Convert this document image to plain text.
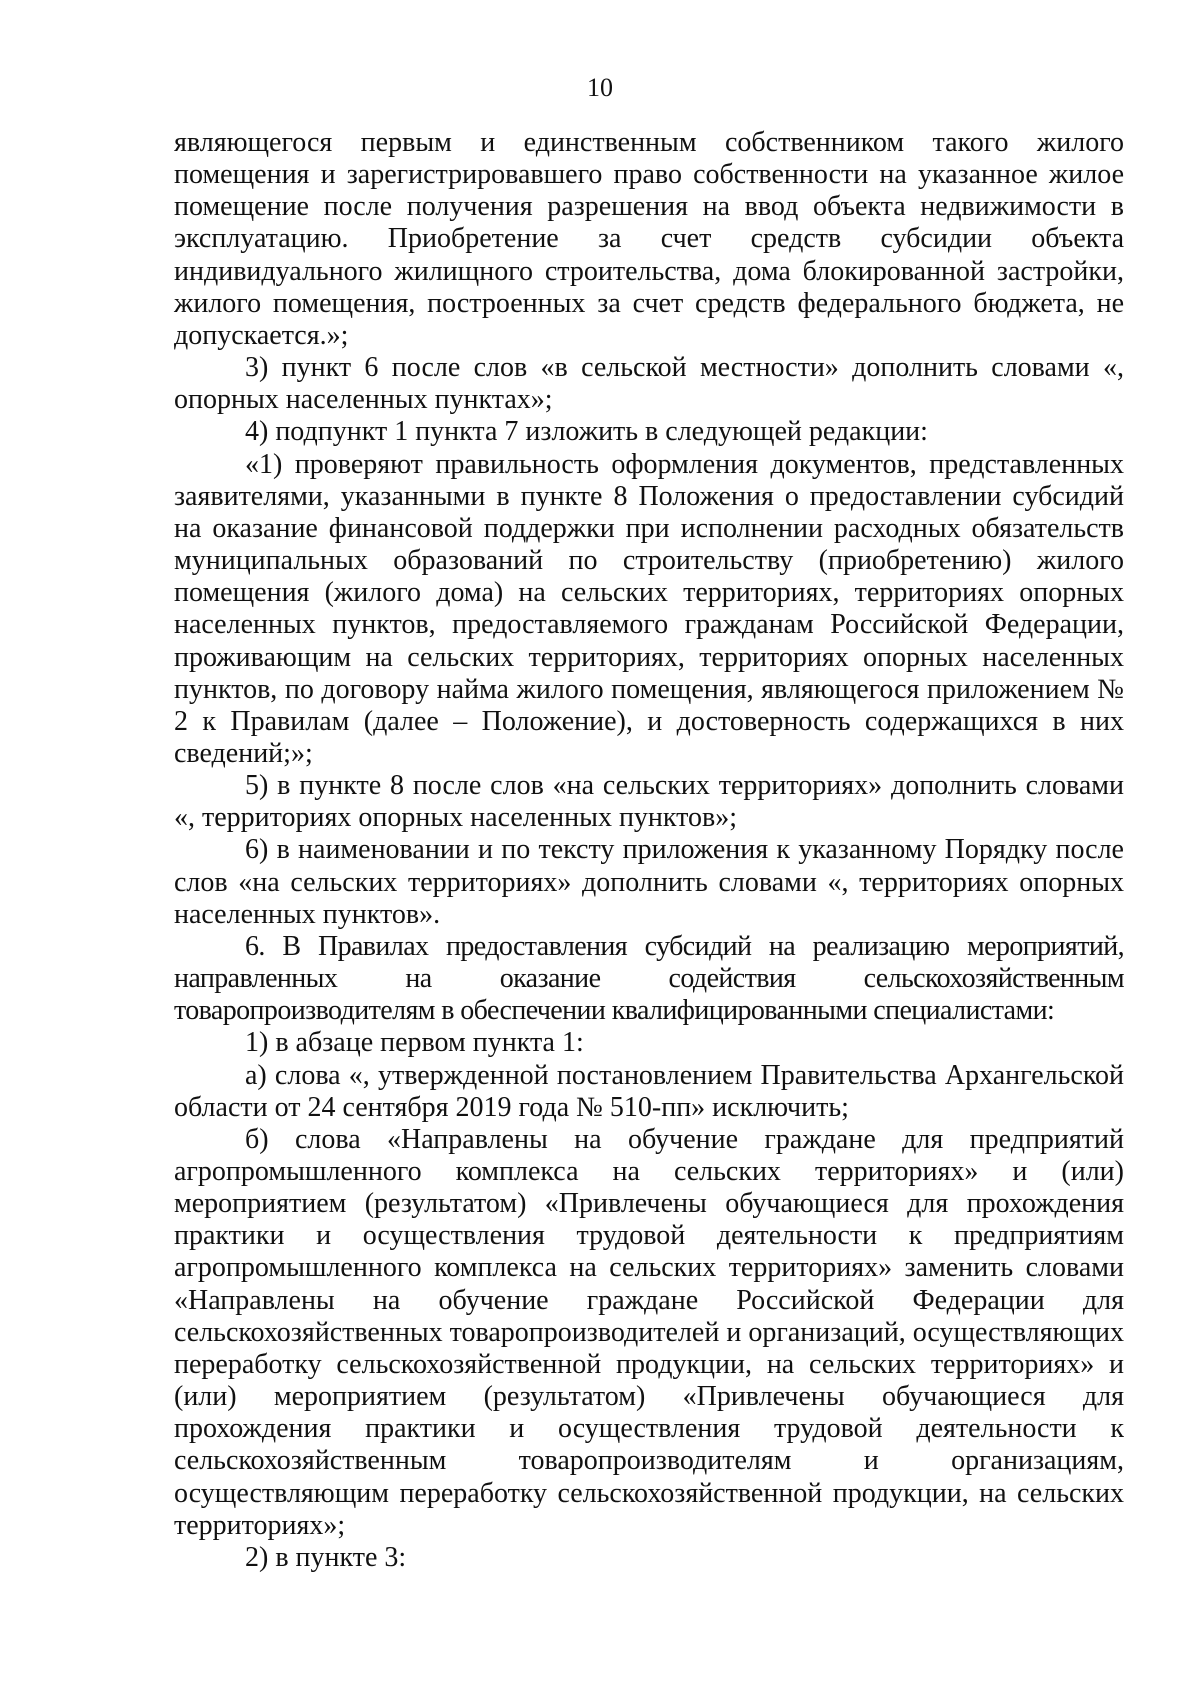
10

являющегося первым и единственным собственником такого жилого помещения и зарегистрировавшего право собственности на указанное жилое помещение после получения разрешения на ввод объекта недвижимости в эксплуатацию. Приобретение за счет средств субсидии объекта индивидуального жилищного строительства, дома блокированной застройки, жилого помещения, построенных за счет средств федерального бюджета, не допускается.»;

3) пункт 6 после слов «в сельской местности» дополнить словами «, опорных населенных пунктах»;

4) подпункт 1 пункта 7 изложить в следующей редакции:

«1) проверяют правильность оформления документов, представленных заявителями, указанными в пункте 8 Положения о предоставлении субсидий на оказание финансовой поддержки при исполнении расходных обязательств муниципальных образований по строительству (приобретению) жилого помещения (жилого дома) на сельских территориях, территориях опорных населенных пунктов, предоставляемого гражданам Российской Федерации, проживающим на сельских территориях, территориях опорных населенных пунктов, по договору найма жилого помещения, являющегося приложением № 2 к Правилам (далее – Положение), и достоверность содержащихся в них сведений;»;

5) в пункте 8 после слов «на сельских территориях» дополнить словами «, территориях опорных населенных пунктов»;

6) в наименовании и по тексту приложения к указанному Порядку после слов «на сельских территориях» дополнить словами «, территориях опорных населенных пунктов».

6. В Правилах предоставления субсидий на реализацию мероприятий, направленных на оказание содействия сельскохозяйственным товаропроизводителям в обеспечении квалифицированными специалистами:

1) в абзаце первом пункта 1:

а) слова «, утвержденной постановлением Правительства Архангельской области от 24 сентября 2019 года № 510-пп» исключить;

б) слова «Направлены на обучение граждане для предприятий агропромышленного комплекса на сельских территориях» и (или) мероприятием (результатом) «Привлечены обучающиеся для прохождения практики и осуществления трудовой деятельности к предприятиям агропромышленного комплекса на сельских территориях» заменить словами «Направлены на обучение граждане Российской Федерации для сельскохозяйственных товаропроизводителей и организаций, осуществляющих переработку сельскохозяйственной продукции, на сельских территориях» и (или) мероприятием (результатом) «Привлечены обучающиеся для прохождения практики и осуществления трудовой деятельности к сельскохозяйственным товаропроизводителям и организациям, осуществляющим переработку сельскохозяйственной продукции, на сельских территориях»;

2) в пункте 3:
